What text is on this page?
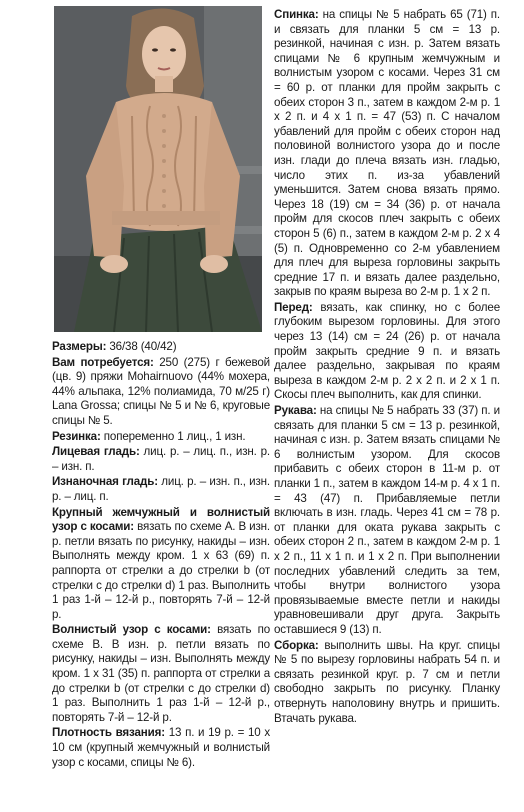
Размеры: 36/38 (40/42)

Вам потребуется: 250 (275) г бежевой (цв. 9) пряжи Mohairnuovo (44% мохера, 44% альпака, 12% полиамида, 70 м/25 г) Lana Grossa; спицы № 5 и № 6, круговые спицы № 5.

Резинка: попеременно 1 лиц., 1 изн.

Лицевая гладь: лиц. р. – лиц. п., изн. р. – изн. п.

Изнаночная гладь: лиц. р. – изн. п., изн. р. – лиц. п.

Крупный жемчужный и волнистый узор с косами: вязать по схеме А. В изн. р. петли вязать по рисунку, накиды – изн. Выполнять между кром. 1 х 63 (69) п. раппорта от стрелки а до стрелки b (от стрелки с до стрелки d) 1 раз. Выполнить 1 раз 1-й – 12-й р., повторять 7-й – 12-й р.

Волнистый узор с косами: вязать по схеме В. В изн. р. петли вязать по рисунку, накиды – изн. Выполнять между кром. 1 х 31 (35) п. раппорта от стрелки а до стрелки b (от стрелки с до стрелки d) 1 раз. Выполнить 1 раз 1-й – 12-й р., повторять 7-й – 12-й р.

Плотность вязания: 13 п. и 19 р. = 10 х 10 см (крупный жемчужный и волнистый узор с косами, спицы № 6).

Спинка: на спицы № 5 набрать 65 (71) п. и связать для планки 5 см = 13 р. резинкой, начиная с изн. р. Затем вязать спицами № 6 крупным жемчужным и волнистым узором с косами. Через 31 см = 60 р. от планки для пройм закрыть с обеих сторон 3 п., затем в каждом 2-м р. 1 х 2 п. и 4 х 1 п. = 47 (53) п. С началом убавлений для пройм с обеих сторон над половиной волнистого узора до и после изн. глади до плеча вязать изн. гладью, число этих п. из-за убавлений уменьшится. Затем снова вязать прямо. Через 18 (19) см = 34 (36) р. от начала пройм для скосов плеч закрыть с обеих сторон 5 (6) п., затем в каждом 2-м р. 2 х 4 (5) п. Одновременно со 2-м убавлением для плеч для выреза горловины закрыть средние 17 п. и вязать далее раздельно, закрыв по краям выреза во 2-м р. 1 х 2 п.

Перед: вязать, как спинку, но с более глубоким вырезом горловины. Для этого через 13 (14) см = 24 (26) р. от начала пройм закрыть средние 9 п. и вязать далее раздельно, закрывая по краям выреза в каждом 2-м р. 2 х 2 п. и 2 х 1 п. Скосы плеч выполнить, как для спинки.

Рукава: на спицы № 5 набрать 33 (37) п. и связать для планки 5 см = 13 р. резинкой, начиная с изн. р. Затем вязать спицами № 6 волнистым узором. Для скосов прибавить с обеих сторон в 11-м р. от планки 1 п., затем в каждом 14-м р. 4 х 1 п. = 43 (47) п. Прибавляемые петли включать в изн. гладь. Через 41 см = 78 р. от планки для оката рукава закрыть с обеих сторон 2 п., затем в каждом 2-м р. 1 х 2 п., 11 х 1 п. и 1 х 2 п. При выполнении последних убавлений следить за тем, чтобы внутри волнистого узора провязываемые вместе петли и накиды уравновешивали друг друга. Закрыть оставшиеся 9 (13) п.

Сборка: выполнить швы. На круг. спицы № 5 по вырезу горловины набрать 54 п. и связать резинкой круг. р. 7 см и петли свободно закрыть по рисунку. Планку отвернуть наполовину внутрь и пришить. Втачать рукава.
